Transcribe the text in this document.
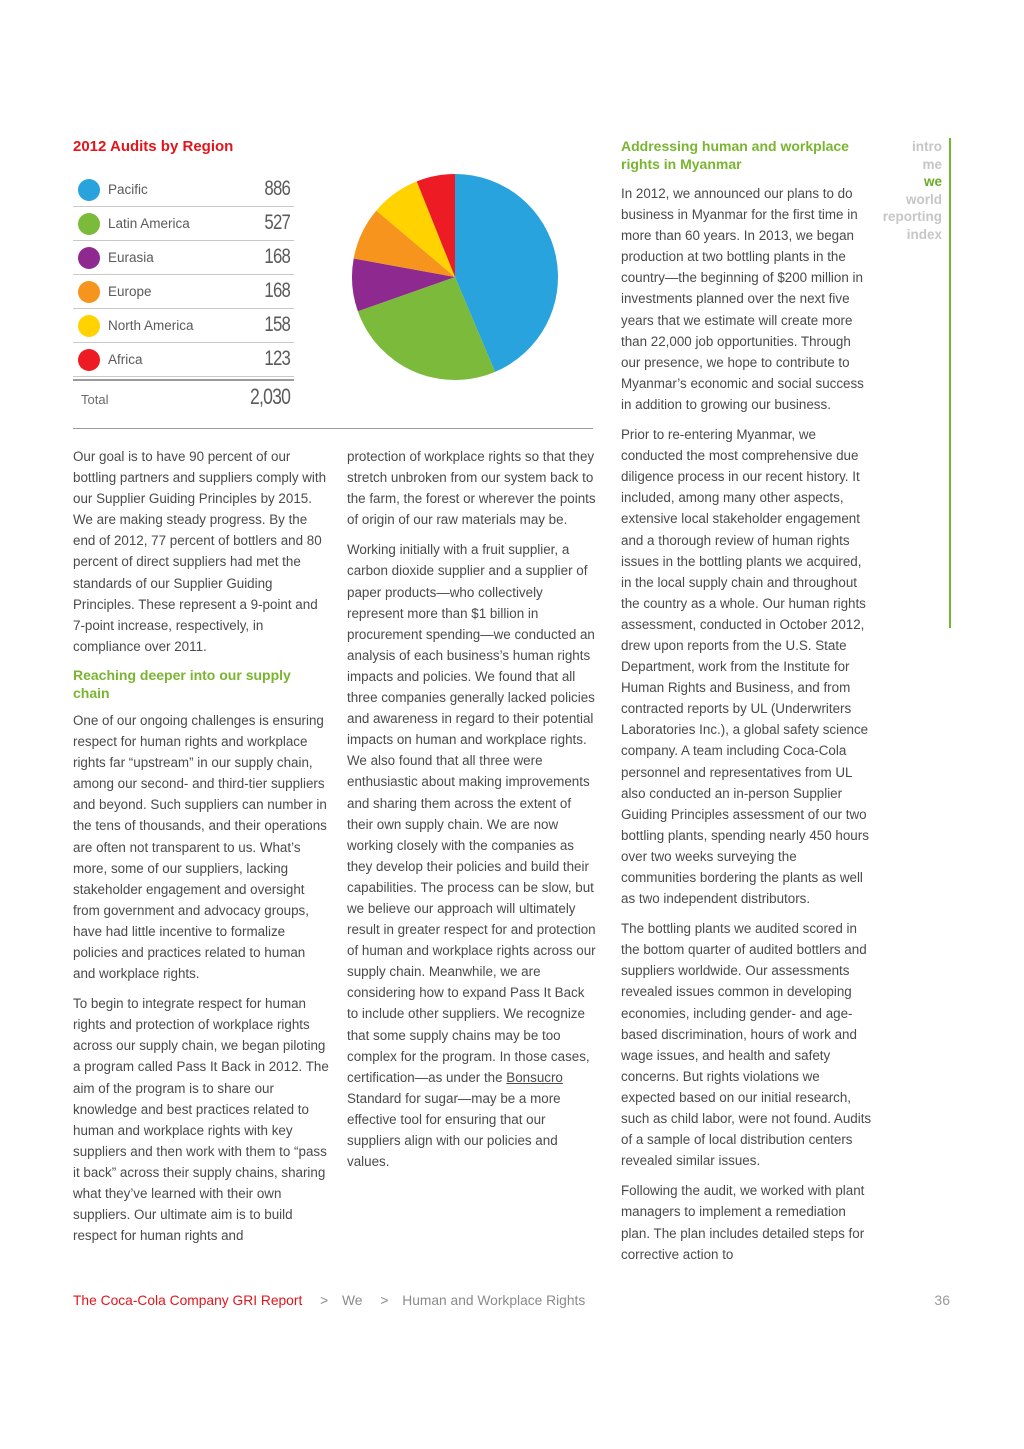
2012 Audits by Region
Pacific	886
Latin America	527
Eurasia	168
Europe	168
North America	158
Africa	123
Total	2,030

Our goal is to have 90 percent of our bottling partners and suppliers comply with our Supplier Guiding Principles by 2015. We are making steady progress. By the end of 2012, 77 percent of bottlers and 80 percent of direct suppliers had met the standards of our Supplier Guiding Principles. These represent a 9-point and 7-point increase, respectively, in compliance over 2011.

Reaching deeper into our supply chain

One of our ongoing challenges is ensuring respect for human rights and workplace rights far “upstream” in our supply chain, among our second- and third-tier suppliers and beyond. Such suppliers can number in the tens of thousands, and their operations are often not transparent to us. What’s more, some of our suppliers, lacking stakeholder engagement and oversight from government and advocacy groups, have had little incentive to formalize policies and practices related to human and workplace rights.

To begin to integrate respect for human rights and protection of workplace rights across our supply chain, we began piloting a program called Pass It Back in 2012. The aim of the program is to share our knowledge and best practices related to human and workplace rights with key suppliers and then work with them to “pass it back” across their supply chains, sharing what they’ve learned with their own suppliers. Our ultimate aim is to build respect for human rights and

protection of workplace rights so that they stretch unbroken from our system back to the farm, the forest or wherever the points of origin of our raw materials may be.

Working initially with a fruit supplier, a carbon dioxide supplier and a supplier of paper products—who collectively represent more than $1 billion in procurement spending—we conducted an analysis of each business’s human rights impacts and policies. We found that all three companies generally lacked policies and awareness in regard to their potential impacts on human and workplace rights. We also found that all three were enthusiastic about making improvements and sharing them across the extent of their own supply chain. We are now working closely with the companies as they develop their policies and build their capabilities. The process can be slow, but we believe our approach will ultimately result in greater respect for and protection of human and workplace rights across our supply chain. Meanwhile, we are considering how to expand Pass It Back to include other suppliers. We recognize that some supply chains may be too complex for the program. In those cases, certification—as under the Bonsucro Standard for sugar—may be a more effective tool for ensuring that our suppliers align with our policies and values.

Addressing human and workplace rights in Myanmar

In 2012, we announced our plans to do business in Myanmar for the first time in more than 60 years. In 2013, we began production at two bottling plants in the country—the beginning of $200 million in investments planned over the next five years that we estimate will create more than 22,000 job opportunities. Through our presence, we hope to contribute to Myanmar’s economic and social success in addition to growing our business.

Prior to re-entering Myanmar, we conducted the most comprehensive due diligence process in our recent history. It included, among many other aspects, extensive local stakeholder engagement and a thorough review of human rights issues in the bottling plants we acquired, in the local supply chain and throughout the country as a whole. Our human rights assessment, conducted in October 2012, drew upon reports from the U.S. State Department, work from the Institute for Human Rights and Business, and from contracted reports by UL (Underwriters Laboratories Inc.), a global safety science company. A team including Coca-Cola personnel and representatives from UL also conducted an in-person Supplier Guiding Principles assessment of our two bottling plants, spending nearly 450 hours over two weeks surveying the communities bordering the plants as well as two independent distributors.

The bottling plants we audited scored in the bottom quarter of audited bottlers and suppliers worldwide. Our assessments revealed issues common in developing economies, including gender- and age-based discrimination, hours of work and wage issues, and health and safety concerns. But rights violations we expected based on our initial research, such as child labor, were not found. Audits of a sample of local distribution centers revealed similar issues.

Following the audit, we worked with plant managers to implement a remediation plan. The plan includes detailed steps for corrective action to

intro
me
we
world
reporting
index
The Coca-Cola Company GRI Report > We > Human and Workplace Rights	36
